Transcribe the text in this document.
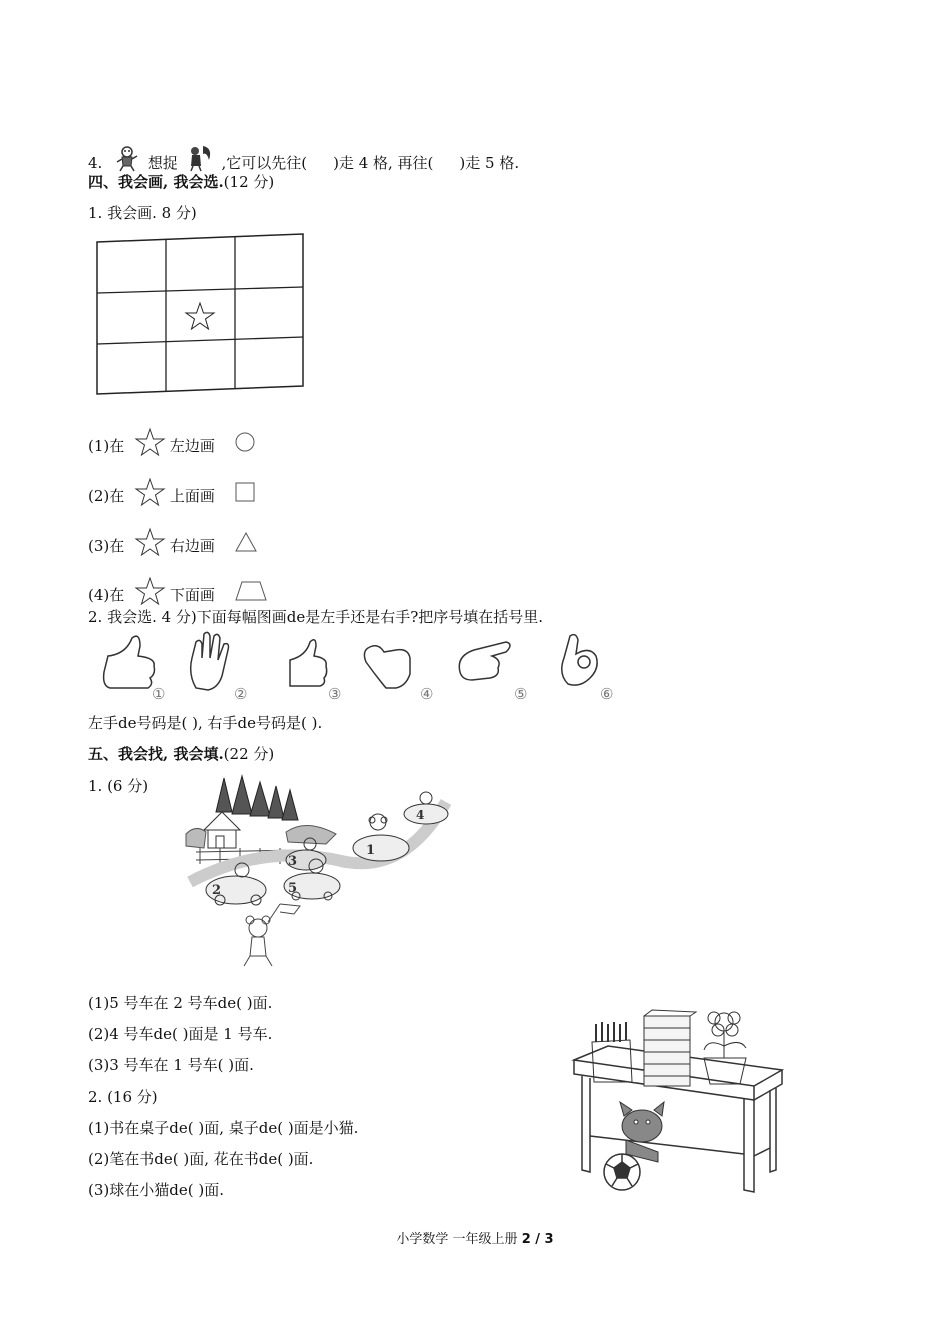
4.	想捉	,它可以先往( )走 4 格, 再往( )走 5 格.
四、我会画, 我会选.(12 分)
1. 我会画. 8 分)
(1)在	左边画
(2)在	上面画
(3)在	右边画
(4)在	下面画
2. 我会选. 4 分)下面每幅图画de是左手还是右手?把序号填在括号里.
①	②	③	④	⑤	⑥
左手de号码是( ), 右手de号码是( ).
五、我会找, 我会填.(22 分)
1. (6 分)
4
1
3
2	5
(1)5 号车在 2 号车de( )面.
(2)4 号车de( )面是 1 号车.
(3)3 号车在 1 号车( )面.
2. (16 分)
(1)书在桌子de( )面, 桌子de( )面是小猫.
(2)笔在书de( )面, 花在书de( )面.
(3)球在小猫de( )面.
小学数学 一年级上册 2 / 3
